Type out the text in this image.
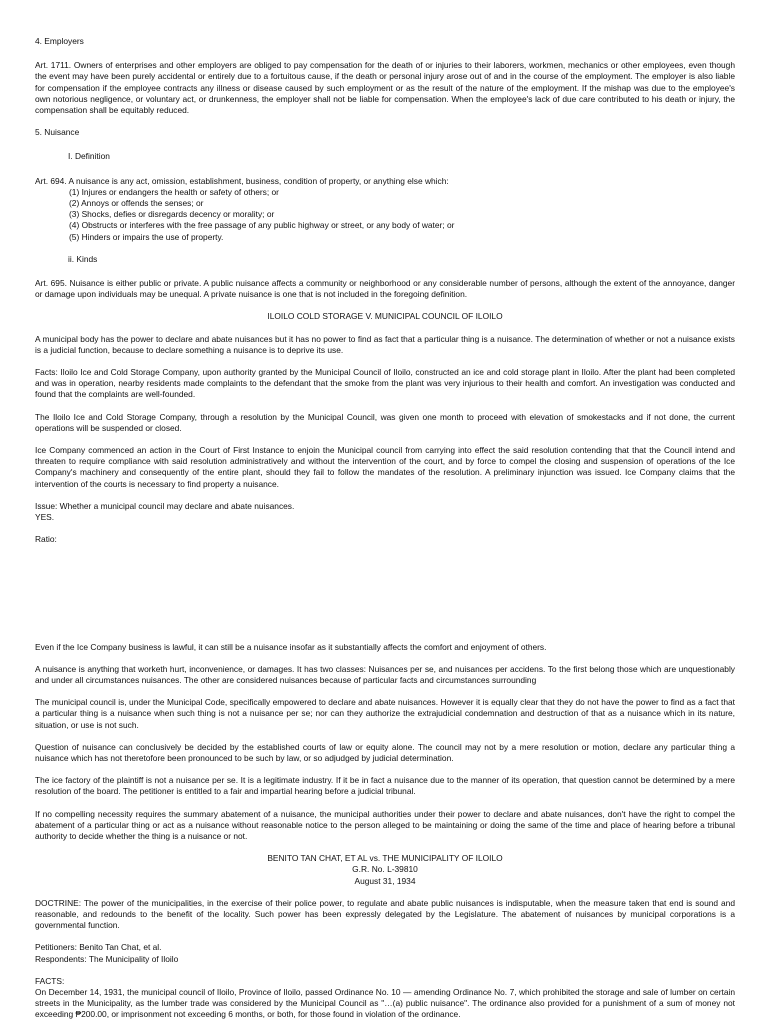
4. Employers

Art. 1711. Owners of enterprises and other employers are obliged to pay compensation for the death of or injuries to their laborers, workmen, mechanics or other employees, even though the event may have been purely accidental or entirely due to a fortuitous cause, if the death or personal injury arose out of and in the course of the employment. The employer is also liable for compensation if the employee contracts any illness or disease caused by such employment or as the result of the nature of the employment. If the mishap was due to the employee's own notorious negligence, or voluntary act, or drunkenness, the employer shall not be liable for compensation. When the employee's lack of due care contributed to his death or injury, the compensation shall be equitably reduced.

5. Nuisance

I. Definition

Art. 694. A nuisance is any act, omission, establishment, business, condition of property, or anything else which:

(1) Injures or endangers the health or safety of others; or
(2) Annoys or offends the senses; or
(3) Shocks, defies or disregards decency or morality; or
(4) Obstructs or interferes with the free passage of any public highway or street, or any body of water; or
(5) Hinders or impairs the use of property.

ii. Kinds

Art. 695. Nuisance is either public or private. A public nuisance affects a community or neighborhood or any considerable number of persons, although the extent of the annoyance, danger or damage upon individuals may be unequal. A private nuisance is one that is not included in the foregoing definition.

ILOILO COLD STORAGE V. MUNICIPAL COUNCIL OF ILOILO

A municipal body has the power to declare and abate nuisances but it has no power to find as fact that a particular thing is a nuisance. The determination of whether or not a nuisance exists is a judicial function, because to declare something a nuisance is to deprive its use.

Facts: Iloilo Ice and Cold Storage Company, upon authority granted by the Municipal Council of Iloilo, constructed an ice and cold storage plant in Iloilo. After the plant had been completed and was in operation, nearby residents made complaints to the defendant that the smoke from the plant was very injurious to their health and comfort. An investigation was conducted and found that the complaints are well-founded.

The Iloilo Ice and Cold Storage Company, through a resolution by the Municipal Council, was given one month to proceed with elevation of smokestacks and if not done, the current operations will be suspended or closed.

Ice Company commenced an action in the Court of First Instance to enjoin the Municipal council from carrying into effect the said resolution contending that that the Council intend and threaten to require compliance with said resolution administratively and without the intervention of the court, and by force to compel the closing and suspension of operations of the Ice Company's machinery and consequently of the entire plant, should they fail to follow the mandates of the resolution. A preliminary injunction was issued. Ice Company claims that the intervention of the courts is necessary to find property a nuisance.

Issue: Whether a municipal council may declare and abate nuisances.

YES.

Ratio:

Even if the Ice Company business is lawful, it can still be a nuisance insofar as it substantially affects the comfort and enjoyment of others.

A nuisance is anything that worketh hurt, inconvenience, or damages. It has two classes: Nuisances per se, and nuisances per accidens. To the first belong those which are unquestionably and under all circumstances nuisances. The other are considered nuisances because of particular facts and circumstances surrounding

The municipal council is, under the Municipal Code, specifically empowered to declare and abate nuisances. However it is equally clear that they do not have the power to find as a fact that a particular thing is a nuisance when such thing is not a nuisance per se; nor can they authorize the extrajudicial condemnation and destruction of that as a nuisance which in its nature, situation, or use is not such.

Question of nuisance can conclusively be decided by the established courts of law or equity alone. The council may not by a mere resolution or motion, declare any particular thing a nuisance which has not theretofore been pronounced to be such by law, or so adjudged by judicial determination.

The ice factory of the plaintiff is not a nuisance per se. It is a legitimate industry. If it be in fact a nuisance due to the manner of its operation, that question cannot be determined by a mere resolution of the board. The petitioner is entitled to a fair and impartial hearing before a judicial tribunal.

If no compelling necessity requires the summary abatement of a nuisance, the municipal authorities under their power to declare and abate nuisances, don't have the right to compel the abatement of a particular thing or act as a nuisance without reasonable notice to the person alleged to be maintaining or doing the same of the time and place of hearing before a tribunal authority to decide whether the thing is a nuisance or not.

BENITO TAN CHAT, ET AL vs. THE MUNICIPALITY OF ILOILO

G.R. No. L-39810

August 31, 1934

DOCTRINE: The power of the municipalities, in the exercise of their police power, to regulate and abate public nuisances is indisputable, when the measure taken that end is sound and reasonable, and redounds to the benefit of the locality. Such power has been expressly delegated by the Legislature. The abatement of nuisances by municipal corporations is a governmental function.

Petitioners: Benito Tan Chat, et al.

Respondents: The Municipality of Iloilo

FACTS:

On December 14, 1931, the municipal council of Iloilo, Province of Iloilo, passed Ordinance No. 10 — amending Ordinance No. 7, which prohibited the storage and sale of lumber on certain streets in the Municipality, as the lumber trade was considered by the Municipal Council as "…(a) public nuisance". The ordinance also provided for a punishment of a sum of money not exceeding ₱200.00, or imprisonment not exceeding 6 months, or both, for those found in violation of the ordinance.
